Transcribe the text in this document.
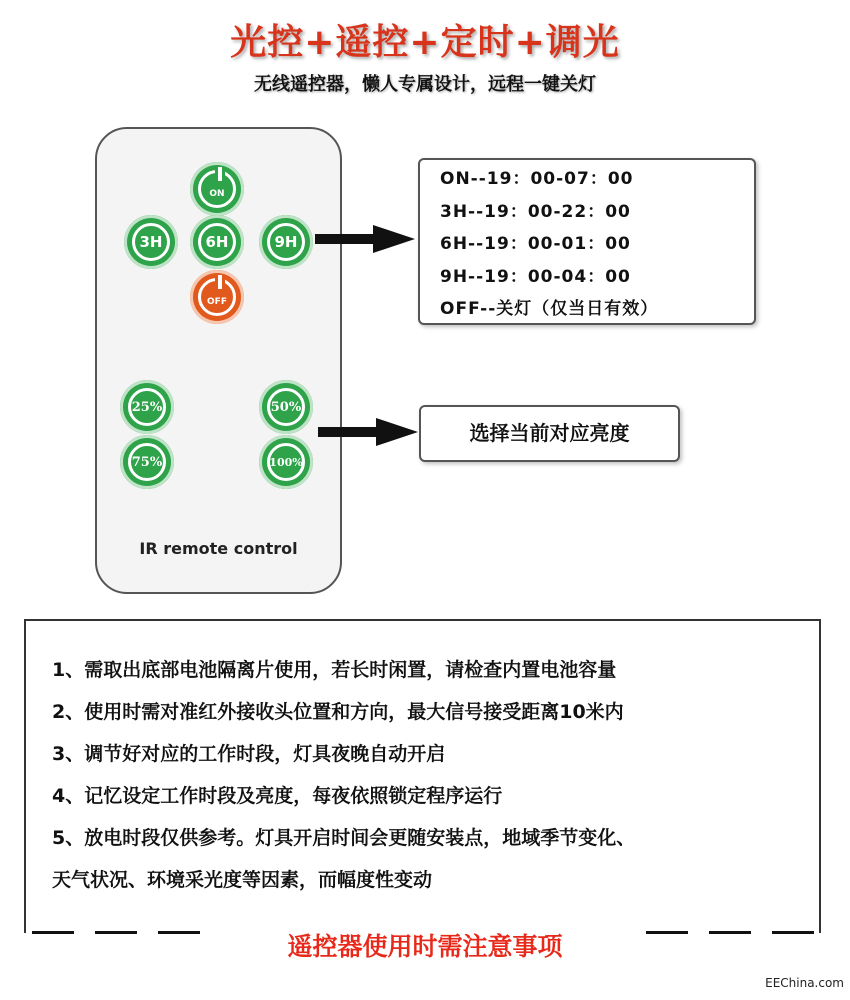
光控+遥控+定时+调光
无线遥控器，懒人专属设计，远程一键关灯
ON
3H	6H	9H
OFF
25%	50%
75%	100%
IR remote control
ON--19：00-07：00
3H--19：00-22：00
6H--19：00-01：00
9H--19：00-04：00
OFF--关灯（仅当日有效）
选择当前对应亮度
1、需取出底部电池隔离片使用，若长时闲置，请检查内置电池容量
2、使用时需对准红外接收头位置和方向，最大信号接受距离10米内
3、调节好对应的工作时段，灯具夜晚自动开启
4、记忆设定工作时段及亮度，每夜依照锁定程序运行
5、放电时段仅供参考。灯具开启时间会更随安装点，地域季节变化、
天气状况、环境采光度等因素，而幅度性变动
遥控器使用时需注意事项
EEChina.com
